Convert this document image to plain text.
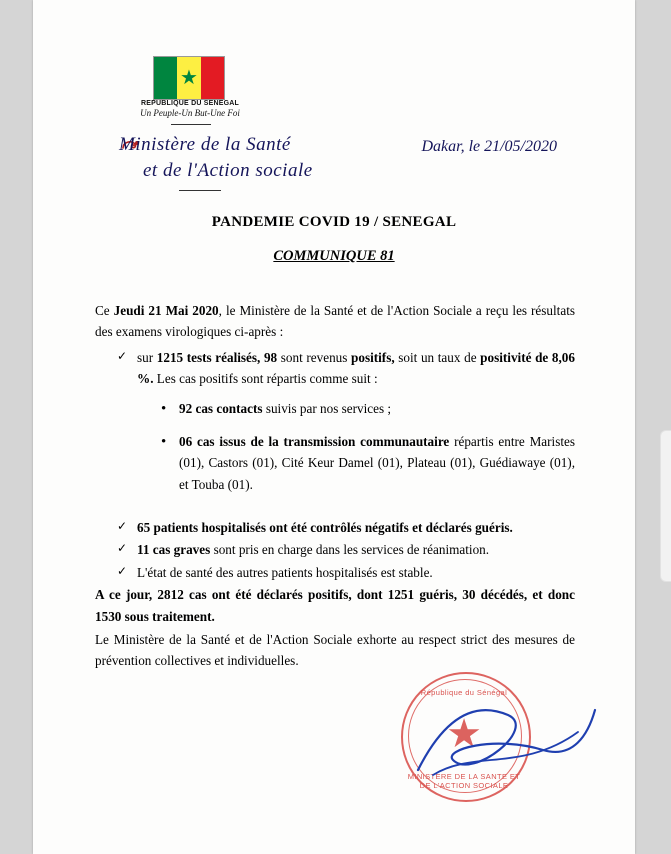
★
REPUBLIQUE DU SENEGAL
Un Peuple-Un But-Une Foi
Ministère de la Santé
et de l'Action sociale
Dakar, le 21/05/2020
PANDEMIE COVID 19 / SENEGAL
COMMUNIQUE 81

Ce Jeudi 21 Mai 2020, le Ministère de la Santé et de l'Action Sociale a reçu les résultats des examens virologiques ci-après :

✓ sur 1215 tests réalisés, 98 sont revenus positifs, soit un taux de positivité de 8,06 %. Les cas positifs sont répartis comme suit :
• 92 cas contacts suivis par nos services ;
• 06 cas issus de la transmission communautaire répartis entre Maristes (01), Castors (01), Cité Keur Damel (01), Plateau (01), Guédiawaye (01), et Touba (01).
✓ 65 patients hospitalisés ont été contrôlés négatifs et déclarés guéris.
✓ 11 cas graves sont pris en charge dans les services de réanimation.
✓ L'état de santé des autres patients hospitalisés est stable.

A ce jour, 2812 cas ont été déclarés positifs, dont 1251 guéris, 30 décédés, et donc 1530 sous traitement.

Le Ministère de la Santé et de l'Action Sociale exhorte au respect strict des mesures de prévention collectives et individuelles.

République du Sénégal
★
MINISTERE DE LA SANTE ET DE L'ACTION SOCIALE
